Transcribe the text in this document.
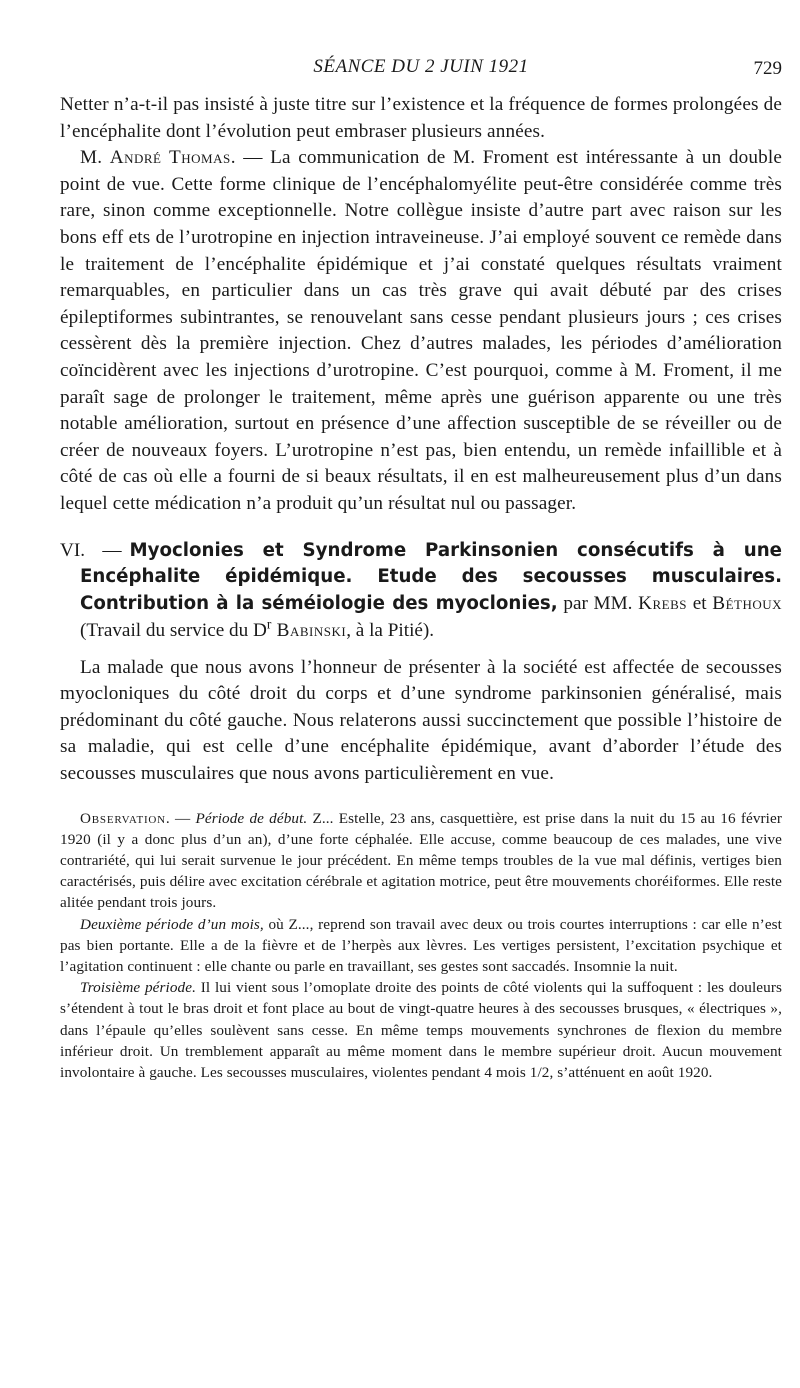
SÉANCE DU 2 JUIN 1921	729

Netter n’a-t-il pas insisté à juste titre sur l’existence et la fréquence de formes prolongées de l’encéphalite dont l’évolution peut embraser plusieurs années.

M. André Thomas. — La communication de M. Froment est intéressante à un double point de vue. Cette forme clinique de l’encéphalomyélite peut-être considérée comme très rare, sinon comme exceptionnelle. Notre collègue insiste d’autre part avec raison sur les bons eff ets de l’urotropine en injection intraveineuse. J’ai employé souvent ce remède dans le traitement de l’encéphalite épidémique et j’ai constaté quelques résultats vraiment remarquables, en particulier dans un cas très grave qui avait débuté par des crises épileptiformes subintrantes, se renouvelant sans cesse pendant plusieurs jours ; ces crises cessèrent dès la première injection. Chez d’autres malades, les périodes d’amélioration coïncidèrent avec les injections d’urotropine. C’est pourquoi, comme à M. Froment, il me paraît sage de prolonger le traitement, même après une guérison apparente ou une très notable amélioration, surtout en présence d’une affection susceptible de se réveiller ou de créer de nouveaux foyers. L’urotropine n’est pas, bien entendu, un remède infaillible et à côté de cas où elle a fourni de si beaux résultats, il en est malheureusement plus d’un dans lequel cette médication n’a produit qu’un résultat nul ou passager.

VI. — Myoclonies et Syndrome Parkinsonien consécutifs à une Encéphalite épidémique. Etude des secousses musculaires. Contribution à la séméiologie des myoclonies, par MM. Krebs et Béthoux (Travail du service du $D^r$ Babinski, à la Pitié).

La malade que nous avons l’honneur de présenter à la société est affectée de secousses myocloniques du côté droit du corps et d’une syndrome parkinsonien généralisé, mais prédominant du côté gauche. Nous relaterons aussi succinctement que possible l’histoire de sa maladie, qui est celle d’une encéphalite épidémique, avant d’aborder l’étude des secousses musculaires que nous avons particulièrement en vue.

Observation. — Période de début. Z... Estelle, 23 ans, casquettière, est prise dans la nuit du 15 au 16 février 1920 (il y a donc plus d’un an), d’une forte céphalée. Elle accuse, comme beaucoup de ces malades, une vive contrariété, qui lui serait survenue le jour précédent. En même temps troubles de la vue mal définis, vertiges bien caractérisés, puis délire avec excitation cérébrale et agitation motrice, peut être mouvements choréiformes. Elle reste alitée pendant trois jours.

Deuxième période d’un mois, où Z..., reprend son travail avec deux ou trois courtes interruptions : car elle n’est pas bien portante. Elle a de la fièvre et de l’herpès aux lèvres. Les vertiges persistent, l’excitation psychique et l’agitation continuent : elle chante ou parle en travaillant, ses gestes sont saccadés. Insomnie la nuit.

Troisième période. Il lui vient sous l’omoplate droite des points de côté violents qui la suffoquent : les douleurs s’étendent à tout le bras droit et font place au bout de vingt-quatre heures à des secousses brusques, « électriques », dans l’épaule qu’elles soulèvent sans cesse. En même temps mouvements synchrones de flexion du membre inférieur droit. Un tremblement apparaît au même moment dans le membre supérieur droit. Aucun mouvement involontaire à gauche. Les secousses musculaires, violentes pendant 4 mois 1/2, s’atténuent en août 1920.
